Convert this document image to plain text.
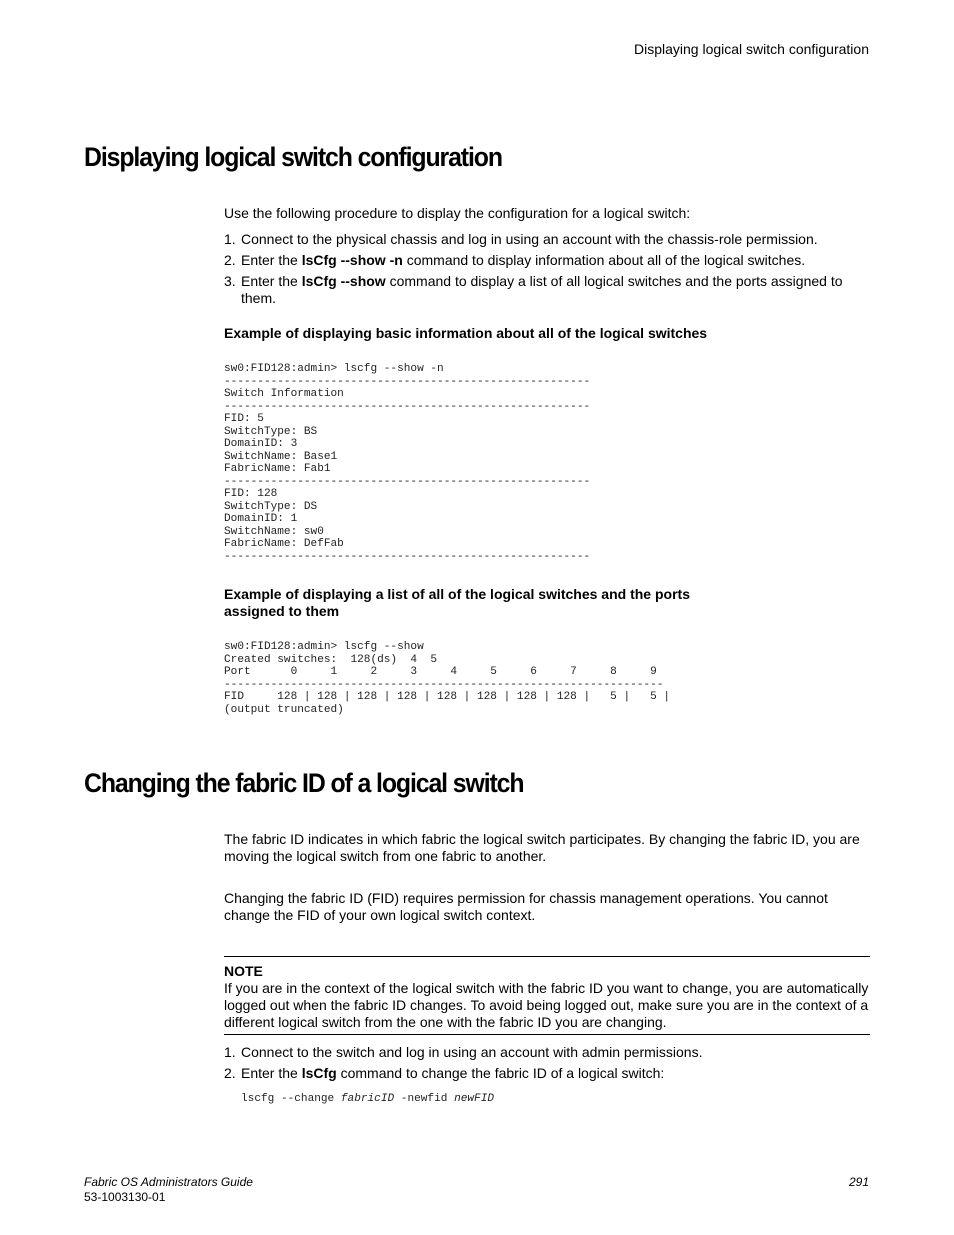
Displaying logical switch configuration
Displaying logical switch configuration

Use the following procedure to display the configuration for a logical switch:

1. Connect to the physical chassis and log in using an account with the chassis-role permission.
2. Enter the lsCfg --show -n command to display information about all of the logical switches.
3. Enter the lsCfg --show command to display a list of all logical switches and the ports assigned to them.

Example of displaying basic information about all of the logical switches

sw0:FID128:admin> lscfg --show -n
-------------------------------------------------------
Switch Information
-------------------------------------------------------
FID: 5
SwitchType: BS
DomainID: 3
SwitchName: Base1
FabricName: Fab1
-------------------------------------------------------
FID: 128
SwitchType: DS
DomainID: 1
SwitchName: sw0
FabricName: DefFab
-------------------------------------------------------

Example of displaying a list of all of the logical switches and the ports assigned to them

sw0:FID128:admin> lscfg --show
Created switches:  128(ds)  4  5
Port      0     1     2     3     4     5     6     7     8     9
------------------------------------------------------------------
FID     128 | 128 | 128 | 128 | 128 | 128 | 128 | 128 |   5 |   5 |
(output truncated)
Changing the fabric ID of a logical switch

The fabric ID indicates in which fabric the logical switch participates. By changing the fabric ID, you are moving the logical switch from one fabric to another.

Changing the fabric ID (FID) requires permission for chassis management operations. You cannot change the FID of your own logical switch context.

NOTE

If you are in the context of the logical switch with the fabric ID you want to change, you are automatically logged out when the fabric ID changes. To avoid being logged out, make sure you are in the context of a different logical switch from the one with the fabric ID you are changing.

1. Connect to the switch and log in using an account with admin permissions.
2. Enter the lsCfg command to change the fabric ID of a logical switch:
lscfg --change fabricID -newfid newFID
Fabric OS Administrators Guide
53-1003130-01
291
